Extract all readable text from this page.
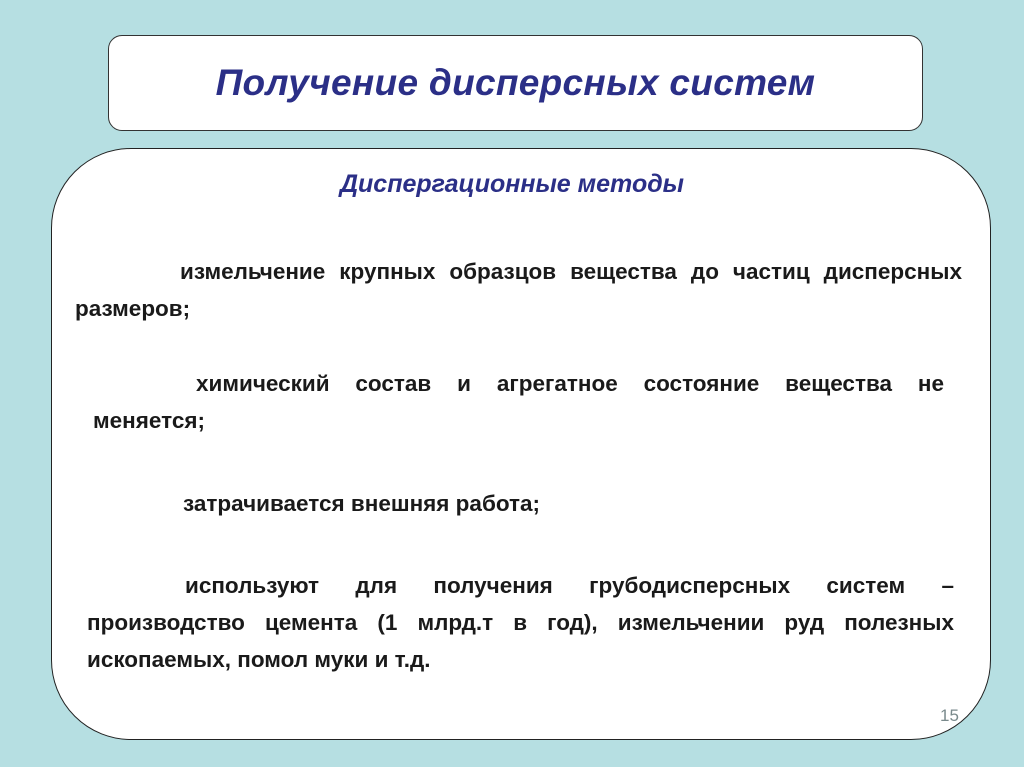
Получение дисперсных систем
Диспергационные методы

измельчение крупных образцов вещества до частиц дисперсных размеров;

химический состав и агрегатное состояние вещества не меняется;

затрачивается внешняя работа;

используют для получения грубодисперсных систем – производство цемента (1 млрд.т в год), измельчении руд полезных ископаемых, помол муки и т.д.

15
